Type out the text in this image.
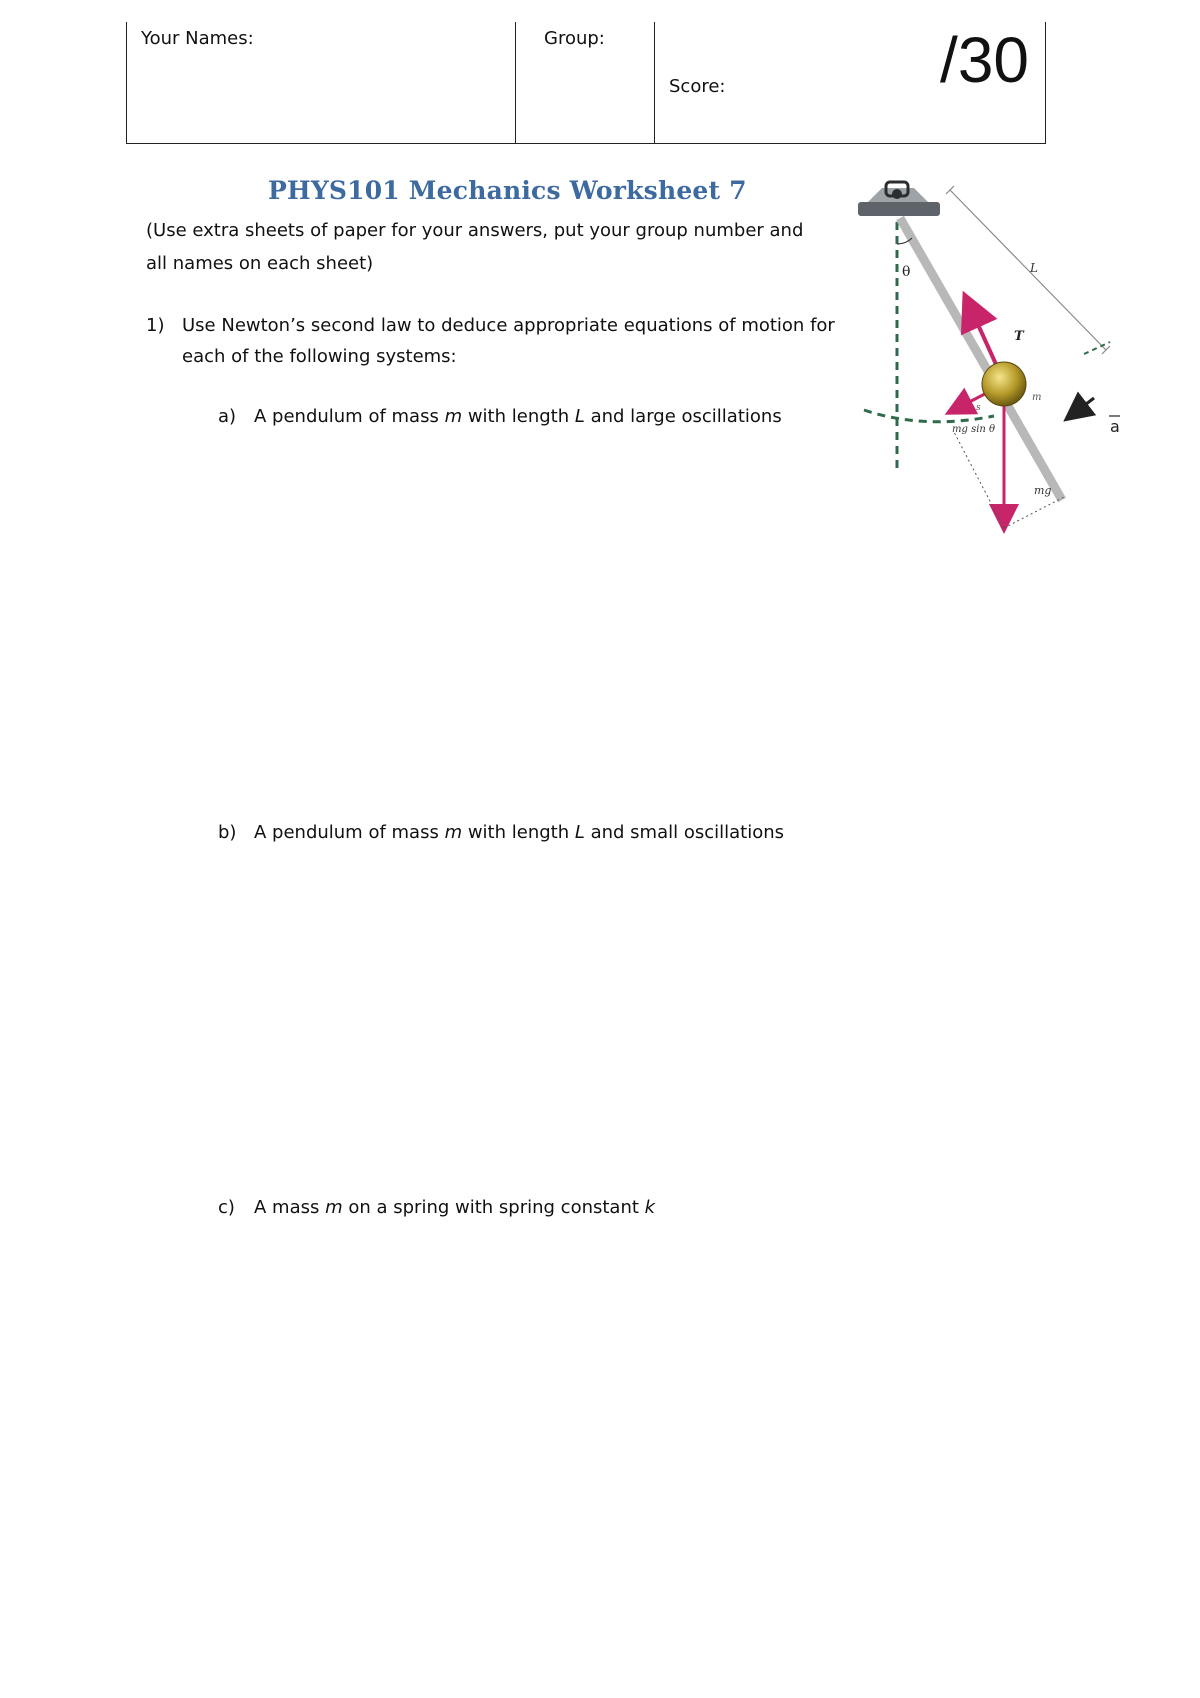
Your Names:	Group:
Score:	/30
PHYS101 Mechanics Worksheet 7
(Use extra sheets of paper for your answers, put your group number and all names on each sheet)
1) Use Newton’s second law to deduce appropriate equations of motion for each of the following systems:
a) A pendulum of mass m with length L and large oscillations
b) A pendulum of mass m with length L and small oscillations
c) A mass m on a spring with spring constant k
L
θ
T
mg
mg sin θ
m
s
a
